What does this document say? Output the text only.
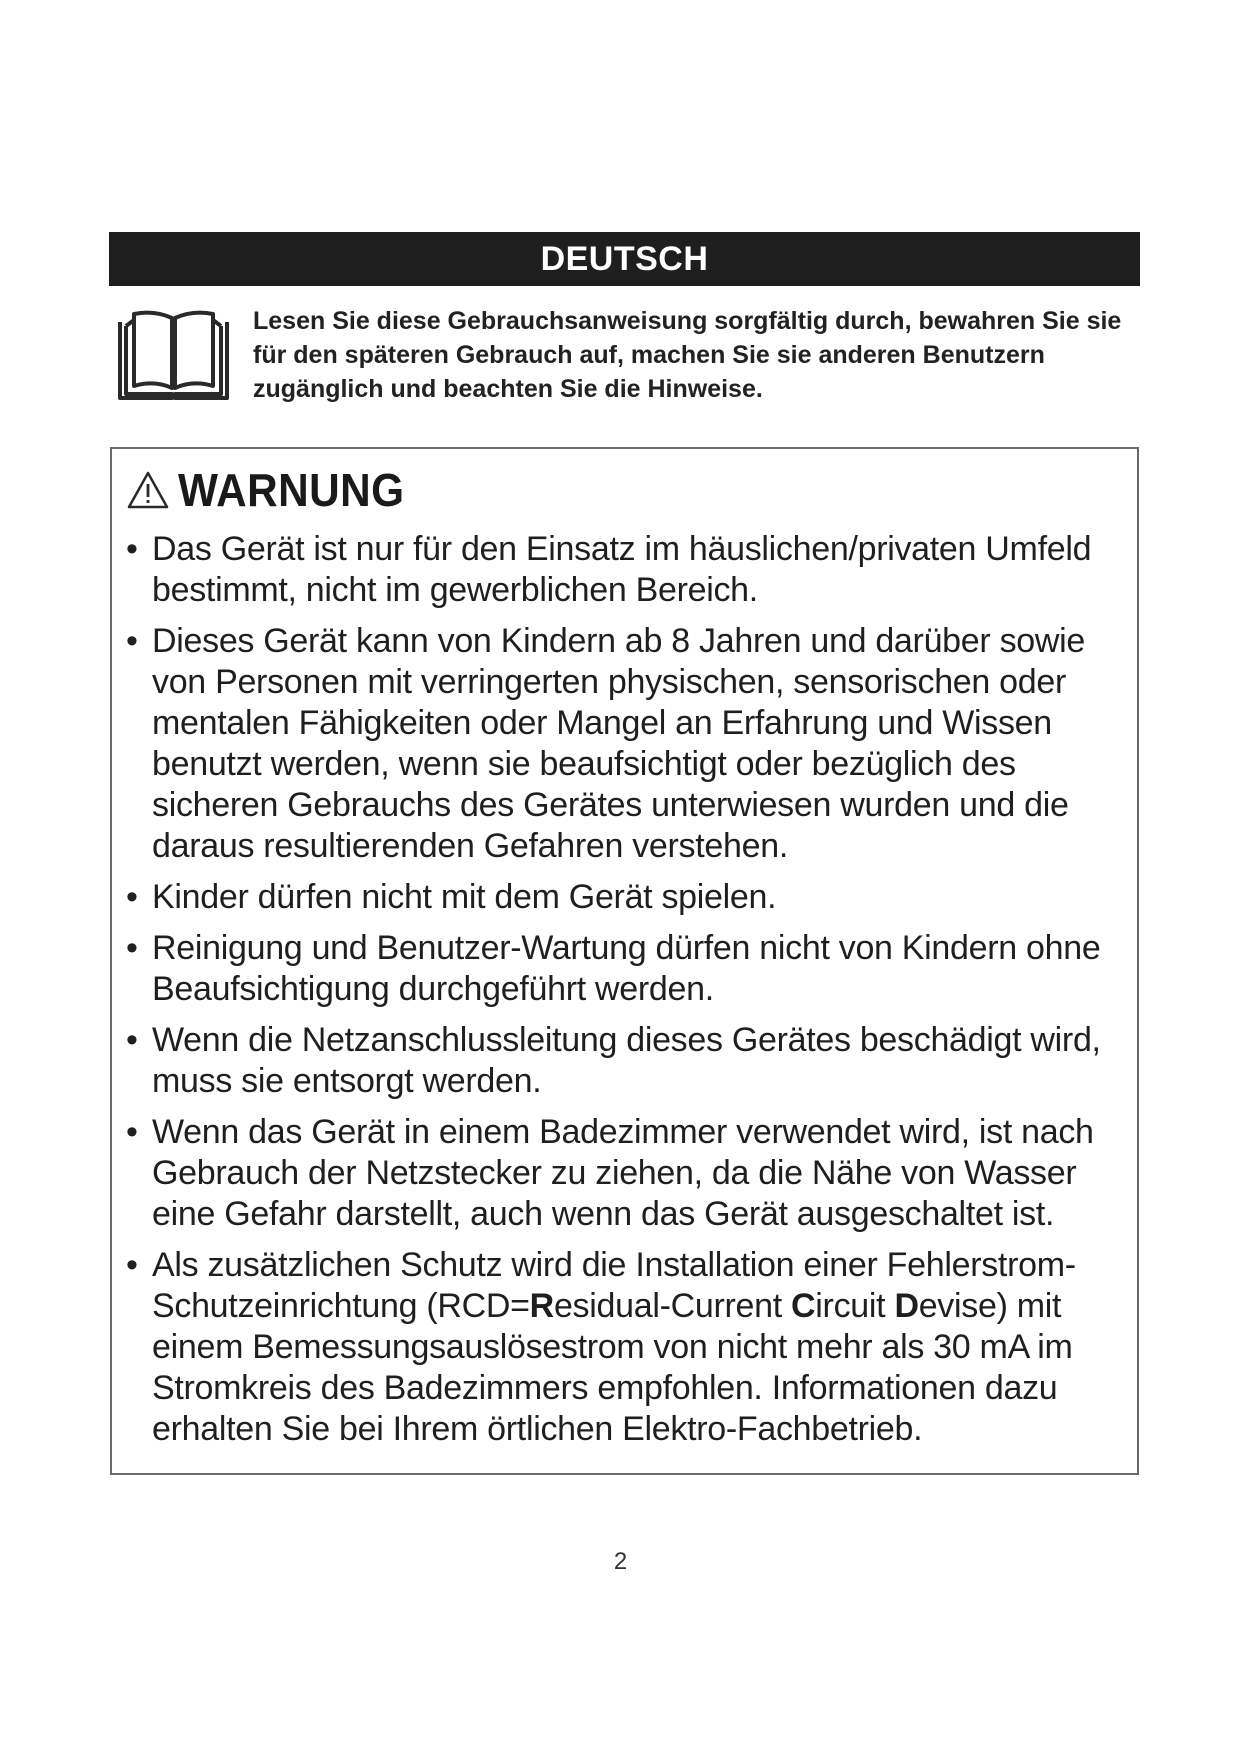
DEUTSCH
Lesen Sie diese Gebrauchsanweisung sorgfältig durch, bewahren Sie sie für den späteren Gebrauch auf, machen Sie sie anderen Benutzern zugänglich und beachten Sie die Hinweise.
WARNUNG
• Das Gerät ist nur für den Einsatz im häuslichen/privaten Umfeld bestimmt, nicht im gewerblichen Bereich.
• Dieses Gerät kann von Kindern ab 8 Jahren und darüber sowie von Personen mit verringerten physischen, sensorischen oder mentalen Fähigkeiten oder Mangel an Erfahrung und Wissen benutzt werden, wenn sie beaufsichtigt oder bezüglich des sicheren Gebrauchs des Gerätes unterwiesen wurden und die daraus resultierenden Gefahren verstehen.
• Kinder dürfen nicht mit dem Gerät spielen.
• Reinigung und Benutzer-Wartung dürfen nicht von Kindern ohne Beaufsichtigung durchgeführt werden.
• Wenn die Netzanschlussleitung dieses Gerätes beschädigt wird, muss sie entsorgt werden.
• Wenn das Gerät in einem Badezimmer verwendet wird, ist nach Gebrauch der Netzstecker zu ziehen, da die Nähe von Wasser eine Gefahr darstellt, auch wenn das Gerät ausgeschaltet ist.
• Als zusätzlichen Schutz wird die Installation einer Fehlerstrom-Schutzeinrichtung (RCD=Residual-Current Circuit Devise) mit einem Bemessungsauslösestrom von nicht mehr als 30 mA im Stromkreis des Badezimmers empfohlen. Informationen dazu erhalten Sie bei Ihrem örtlichen Elektro-Fachbetrieb.
2
